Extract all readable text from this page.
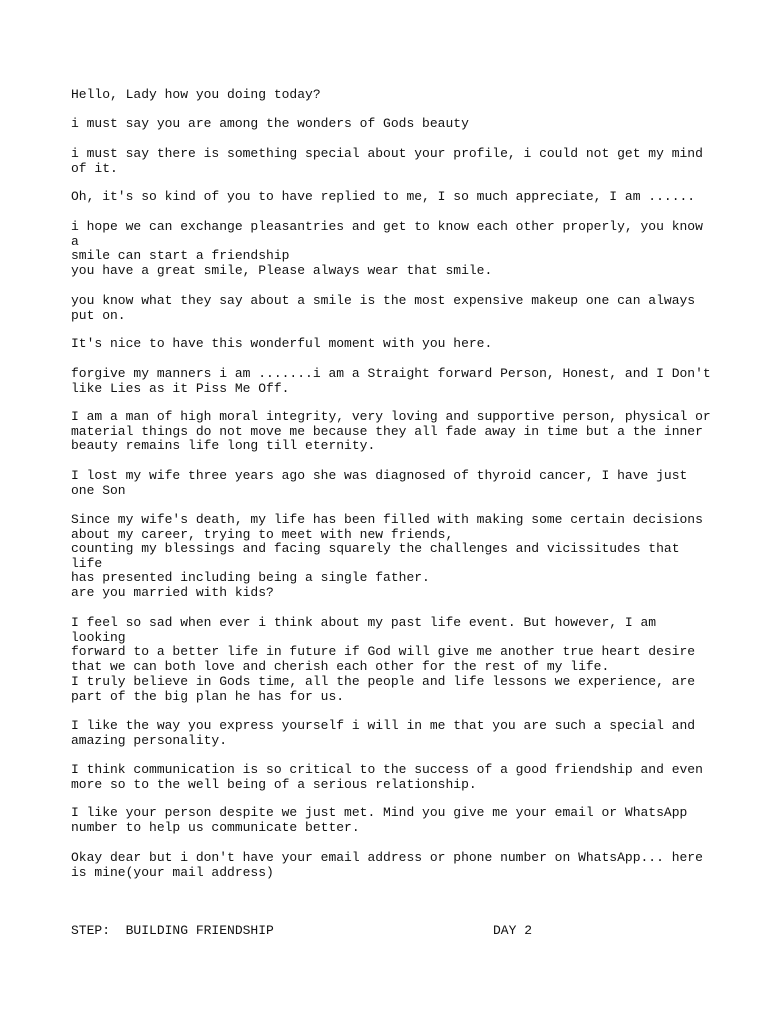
Hello, Lady how you doing today?

i must say you are among the wonders of Gods beauty

i must say there is something special about your profile, i could not get my mind
of it.

Oh, it's so kind of you to have replied to me, I so much appreciate, I am ......

i hope we can exchange pleasantries and get to know each other properly, you know a
smile can start a friendship

you have a great smile, Please always wear that smile.

you know what they say about a smile is the most expensive makeup one can always
put on.

It's nice to have this wonderful moment with you here.

forgive my manners i am .......i am a Straight forward Person, Honest, and I Don't
like Lies as it Piss Me Off.

I am a man of high moral integrity, very loving and supportive person, physical or
material things do not move me because they all fade away in time but a the inner
beauty remains life long till eternity.

I lost my wife three years ago she was diagnosed of thyroid cancer, I have just
one Son

Since my wife's death, my life has been filled with making some certain decisions
about my career, trying to meet with new friends,
counting my blessings and facing squarely the challenges and vicissitudes that life
has presented including being a single father.

are you married with kids?

I feel so sad when ever i think about my past life event. But however, I am looking
forward to a better life in future if God will give me another true heart desire
that we can both love and cherish each other for the rest of my life.

I truly believe in Gods time, all the people and life lessons we experience, are
part of the big plan he has for us.

I like the way you express yourself i will in me that you are such a special and
amazing personality.

I think communication is so critical to the success of a good friendship and even
more so to the well being of a serious relationship.

I like your person despite we just met. Mind you give me your email or WhatsApp
number to help us communicate better.

Okay dear but i don't have your email address or phone number on WhatsApp... here
is mine(your mail address)

STEP:  BUILDING FRIENDSHIP	DAY 2
